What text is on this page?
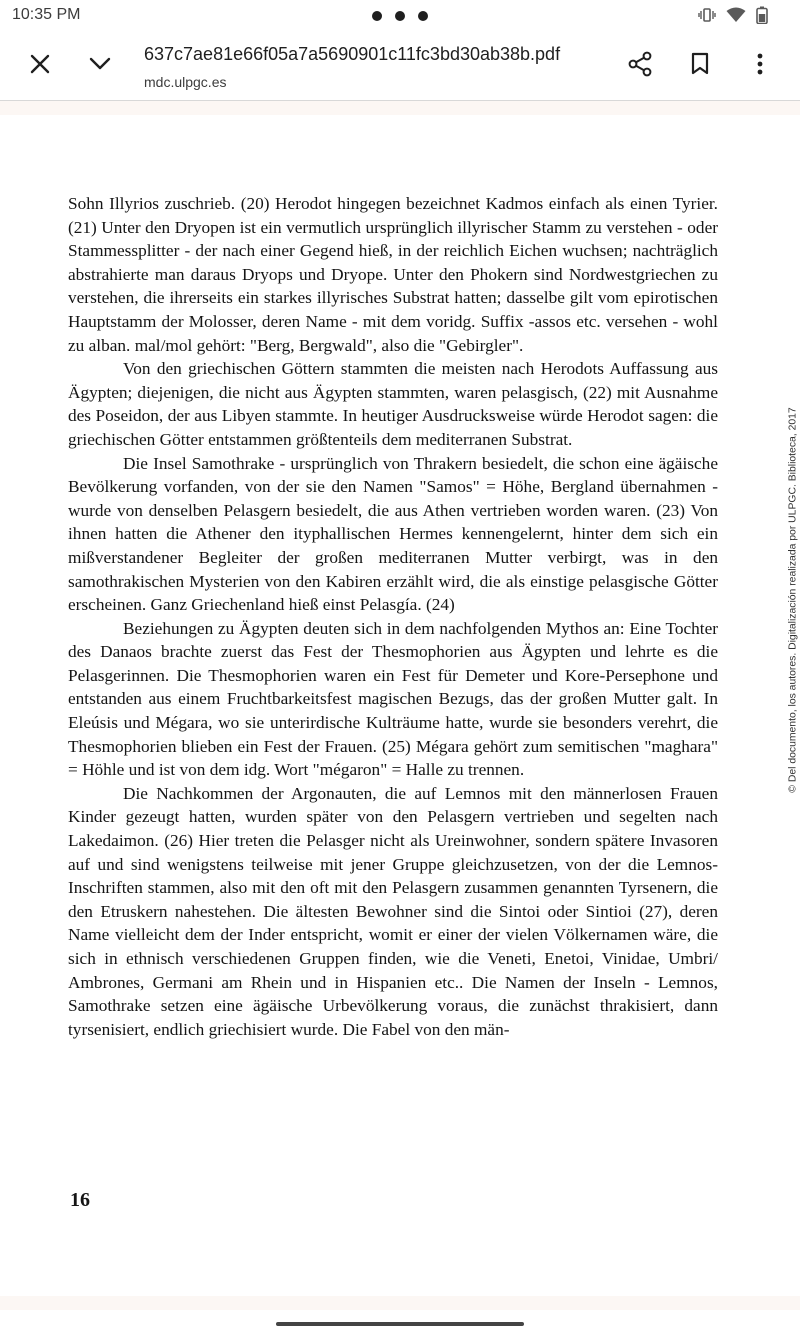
10:35 PM
637c7ae81e66f05a7a5690901c11fc3bd30ab38b.pdf
mdc.ulpgc.es

Sohn Illyrios zuschrieb. (20) Herodot hingegen bezeichnet Kadmos einfach als einen Tyrier. (21) Unter den Dryopen ist ein vermutlich ursprünglich illyrischer Stamm zu verstehen - oder Stammessplitter - der nach einer Gegend hieß, in der reichlich Eichen wuchsen; nachträglich abstrahierte man daraus Dryops und Dryope. Unter den Phokern sind Nordwestgriechen zu verstehen, die ihrerseits ein starkes illyrisches Substrat hatten; dasselbe gilt vom epirotischen Hauptstamm der Molosser, deren Name - mit dem voridg. Suffix -assos etc. versehen - wohl zu alban. mal/mol gehört: "Berg, Bergwald", also die "Gebirgler".

Von den griechischen Göttern stammten die meisten nach Herodots Auffassung aus Ägypten; diejenigen, die nicht aus Ägypten stammten, waren pelasgisch, (22) mit Ausnahme des Poseidon, der aus Libyen stammte. In heutiger Ausdrucksweise würde Herodot sagen: die griechischen Götter entstammen größtenteils dem mediterranen Substrat.

Die Insel Samothrake - ursprünglich von Thrakern besiedelt, die schon eine ägäische Bevölkerung vorfanden, von der sie den Namen "Samos" = Höhe, Bergland übernahmen - wurde von denselben Pelasgern besiedelt, die aus Athen vertrieben worden waren. (23) Von ihnen hatten die Athener den ityphallischen Hermes kennengelernt, hinter dem sich ein mißverstandener Begleiter der großen mediterranen Mutter verbirgt, was in den samothrakischen Mysterien von den Kabiren erzählt wird, die als einstige pelasgische Götter erscheinen. Ganz Griechenland hieß einst Pelasgía. (24)

Beziehungen zu Ägypten deuten sich in dem nachfolgenden Mythos an: Eine Tochter des Danaos brachte zuerst das Fest der Thesmophorien aus Ägypten und lehrte es die Pelasgerinnen. Die Thesmophorien waren ein Fest für Demeter und Kore-Persephone und entstanden aus einem Fruchtbarkeitsfest magischen Bezugs, das der großen Mutter galt. In Eleúsis und Mégara, wo sie unterirdische Kulträume hatte, wurde sie besonders verehrt, die Thesmophorien blieben ein Fest der Frauen. (25) Mégara gehört zum semitischen "maghara" = Höhle und ist von dem idg. Wort "mégaron" = Halle zu trennen.

Die Nachkommen der Argonauten, die auf Lemnos mit den männerlosen Frauen Kinder gezeugt hatten, wurden später von den Pelasgern vertrieben und segelten nach Lakedaimon. (26) Hier treten die Pelasger nicht als Ureinwohner, sondern spätere Invasoren auf und sind wenigstens teilweise mit jener Gruppe gleichzusetzen, von der die Lemnos-Inschriften stammen, also mit den oft mit den Pelasgern zusammen genannten Tyrsenern, die den Etruskern nahestehen. Die ältesten Bewohner sind die Sintoi oder Sintioi (27), deren Name vielleicht dem der Inder entspricht, womit er einer der vielen Völkernamen wäre, die sich in ethnisch verschiedenen Gruppen finden, wie die Veneti, Enetoi, Vinidae, Umbri/ Ambrones, Germani am Rhein und in Hispanien etc.. Die Namen der Inseln - Lemnos, Samothrake setzen eine ägäische Urbevölkerung voraus, die zunächst thrakisiert, dann tyrsenisiert, endlich griechisiert wurde. Die Fabel von den män-

16
© Del documento, los autores. Digitalización realizada por ULPGC. Biblioteca, 2017
